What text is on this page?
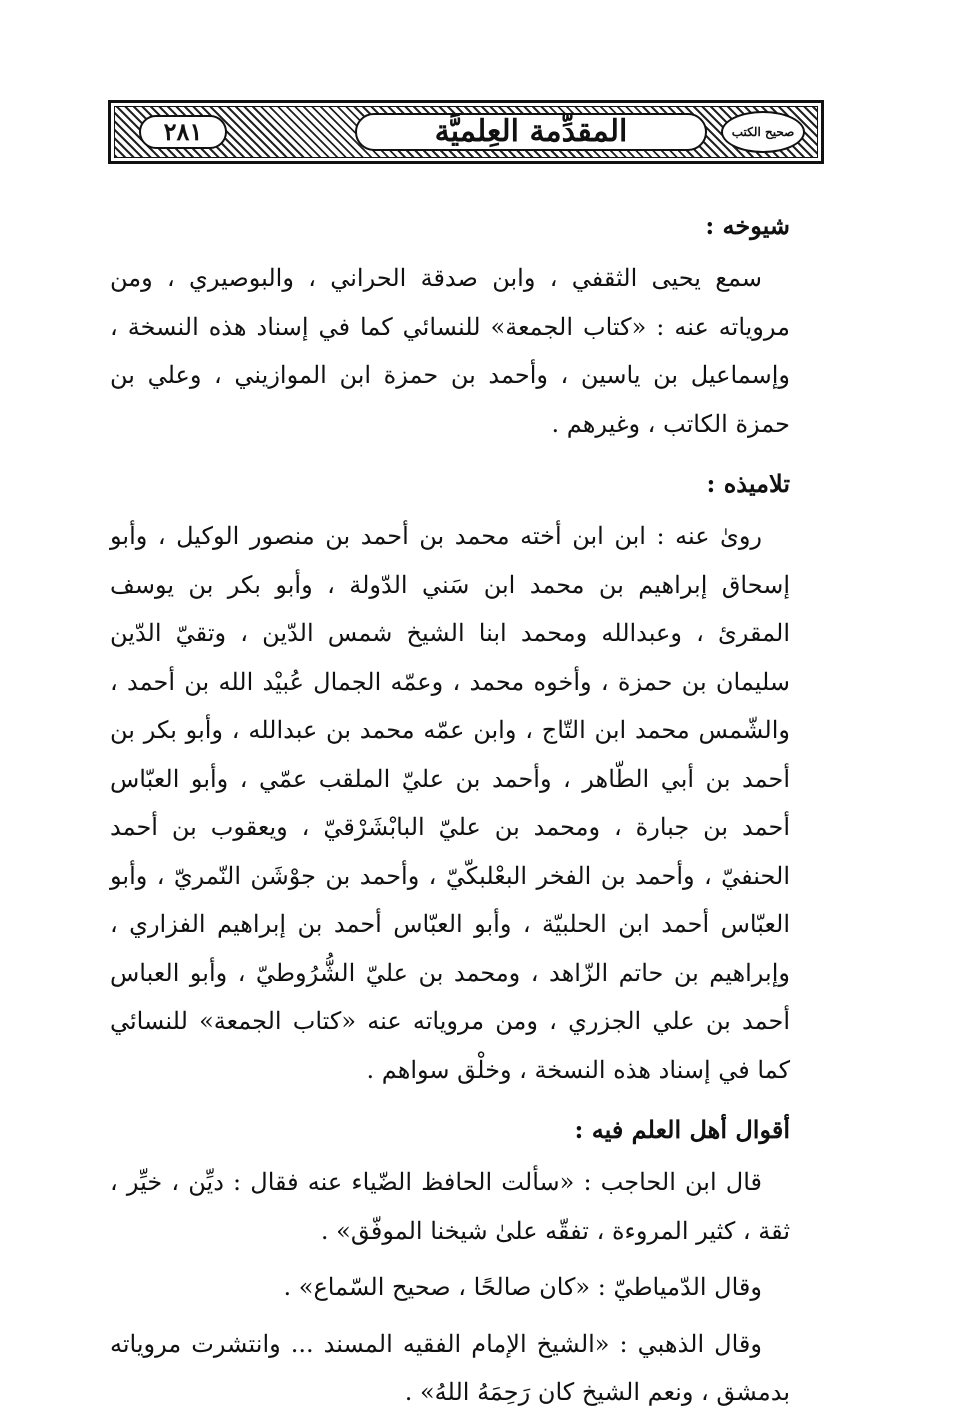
صحيح الكتب
المقدِّمة العِلميَّة
٢٨١

شيوخه :

سمع يحيى الثقفي ، وابن صدقة الحراني ، والبوصيري ، ومن مروياته عنه : «كتاب الجمعة» للنسائي كما في إسناد هذه النسخة ، وإسماعيل بن ياسين ، وأحمد بن حمزة ابن الموازيني ، وعلي بن حمزة الكاتب ، وغيرهم .

تلاميذه :

روىٰ عنه : ابن ابن أخته محمد بن أحمد بن منصور الوكيل ، وأبو إسحاق إبراهيم بن محمد ابن سَني الدّولة ، وأبو بكر بن يوسف المقرئ ، وعبدالله ومحمد ابنا الشيخ شمس الدّين ، وتقيّ الدّين سليمان بن حمزة ، وأخوه محمد ، وعمّه الجمال عُبيْد الله بن أحمد ، والشّمس محمد ابن التّاج ، وابن عمّه محمد بن عبدالله ، وأبو بكر بن أحمد بن أبي الطّاهر ، وأحمد بن عليّ الملقب عمّي ، وأبو العبّاس أحمد بن جبارة ، ومحمد بن عليّ البابْشَرْقيّ ، ويعقوب بن أحمد الحنفيّ ، وأحمد بن الفخر البعْلبكّيّ ، وأحمد بن جوْشَن النّمريّ ، وأبو العبّاس أحمد ابن الحلبيّة ، وأبو العبّاس أحمد بن إبراهيم الفزاري ، وإبراهيم بن حاتم الزّاهد ، ومحمد بن عليّ الشُّرُوطيّ ، وأبو العباس أحمد بن علي الجزري ، ومن مروياته عنه «كتاب الجمعة» للنسائي كما في إسناد هذه النسخة ، وخلْق سواهم .

أقوال أهل العلم فيه :

قال ابن الحاجب : «سألت الحافظ الضّياء عنه فقال : ديِّن ، خيِّر ، ثقة ، كثير المروءة ، تفقّه علىٰ شيخنا الموفّق» .

وقال الدّمياطيّ : «كان صالحًا ، صحيح السّماع» .

وقال الذهبي : «الشيخ الإمام الفقيه المسند ... وانتشرت مروياته بدمشق ، ونعم الشيخ كان رَحِمَهُ اللهُ» .
